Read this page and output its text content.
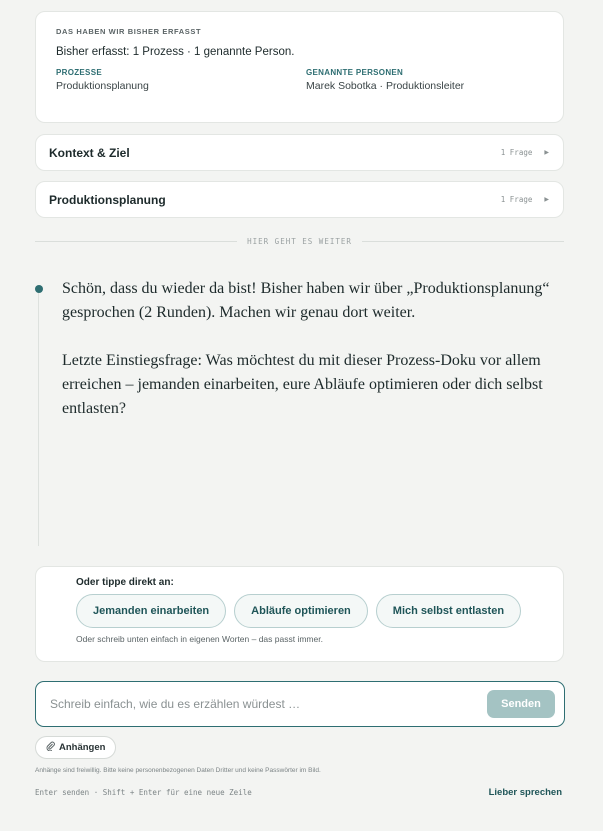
DAS HABEN WIR BISHER ERFASST
Bisher erfasst: 1 Prozess · 1 genannte Person.
PROZESSE
Produktionsplanung
GENANNTE PERSONEN
Marek Sobotka · Produktionsleiter
Kontext & Ziel	1 Frage ▶
Produktionsplanung	1 Frage ▶
HIER GEHT ES WEITER

Schön, dass du wieder da bist! Bisher haben wir über „Produktionsplanung“ gesprochen (2 Runden). Machen wir genau dort weiter.

Letzte Einstiegsfrage: Was möchtest du mit dieser Prozess-Doku vor allem erreichen – jemanden einarbeiten, eure Abläufe optimieren oder dich selbst entlasten?

Oder tippe direkt an:
Jemanden einarbeiten	Abläufe optimieren	Mich selbst entlasten
Oder schreib unten einfach in eigenen Worten – das passt immer.
Schreib einfach, wie du es erzählen würdest …
Senden
Anhängen
Anhänge sind freiwillig. Bitte keine personenbezogenen Daten Dritter und keine Passwörter im Bild.
Enter senden · Shift + Enter für eine neue Zeile	Lieber sprechen
